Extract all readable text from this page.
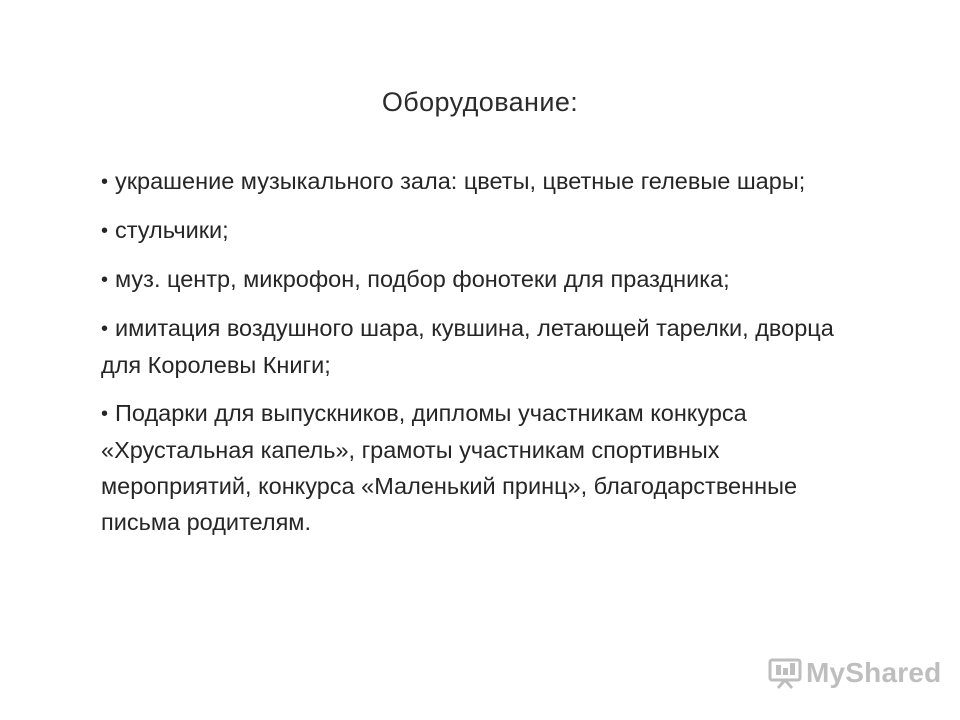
Оборудование:
• украшение музыкального зала: цветы, цветные гелевые шары;
• стульчики;
• муз. центр, микрофон, подбор фонотеки для праздника;
• имитация воздушного шара, кувшина, летающей тарелки, дворца для Королевы Книги;
• Подарки для выпускников, дипломы участникам конкурса «Хрустальная капель», грамоты участникам спортивных мероприятий, конкурса «Маленький принц», благодарственные письма родителям.
MyShared
